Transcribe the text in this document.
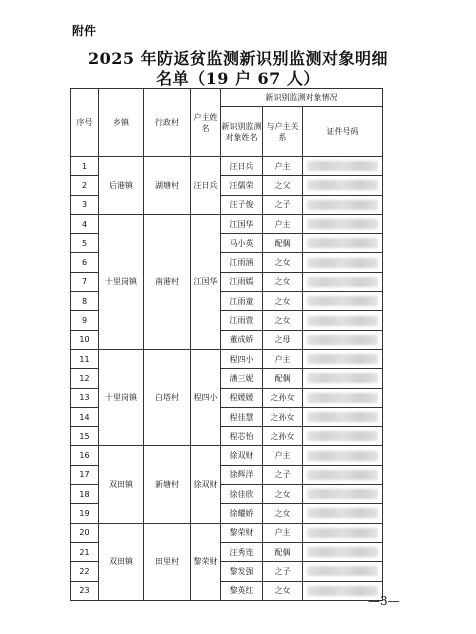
附件
2025 年防返贫监测新识别监测对象明细
名单（19 户 67 人）
序号	乡镇	行政村	户主姓名	新识别监测对象情况		
				新识别监测对象姓名	与户主关系	证件号码
1	后港镇	湖塘村	汪日兵	汪日兵	户主	

2				汪儒荣	之父	

3				汪子俊	之子	

4	十里岗镇	南港村	江国华	江国华	户主	

5				马小英	配偶	

6				江雨涵	之女	

7				江雨嫣	之女	

8				江雨童	之女	

9				江雨萱	之女	

10				董成娇	之母	

11	十里岗镇	白塔村	程四小	程四小	户主	

12				潘三妮	配偶	

13				程媛媛	之孙女	

14				程佳慧	之孙女	

15				程芯怡	之孙女	

16	双田镇	新塘村	徐双财	徐双财	户主	

17				徐辉洋	之子	

18				徐佳欣	之女	

19				徐耀娇	之女	

20	双田镇	田里村	黎荣财	黎荣财	户主	

21				汪秀连	配偶	

22				黎发强	之子	

23				黎英红	之女	
—3—
